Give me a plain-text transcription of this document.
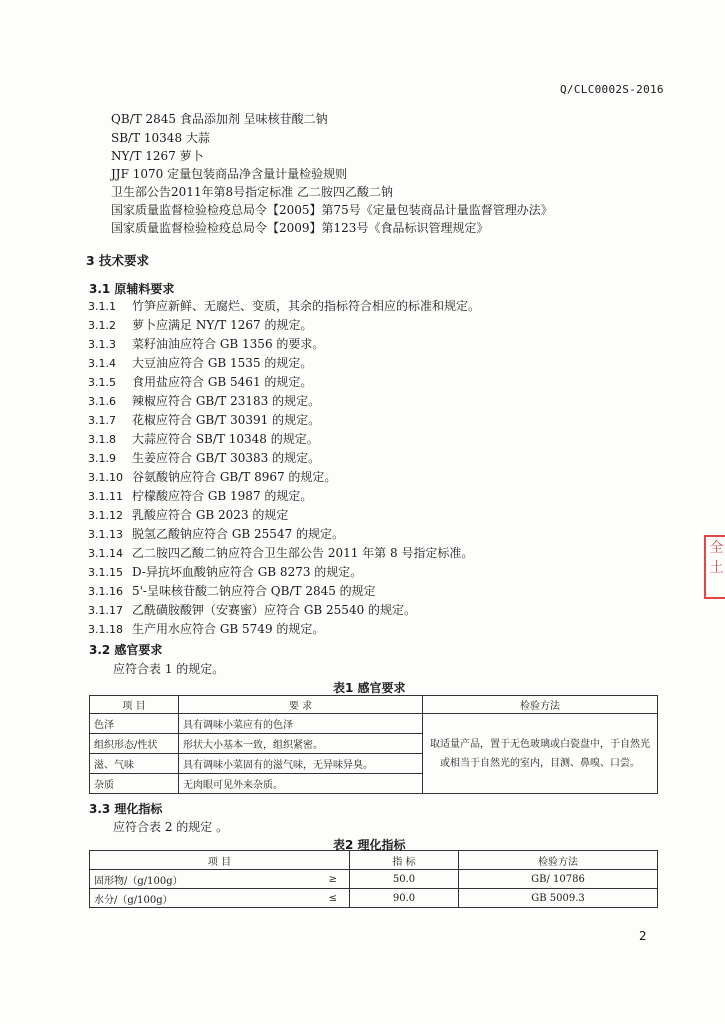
Q/CLC0002S-2016
QB/T 2845 食品添加剂 呈味核苷酸二钠
SB/T 10348 大蒜
NY/T 1267 萝卜
JJF 1070 定量包装商品净含量计量检验规则
卫生部公告2011年第8号指定标准 乙二胺四乙酸二钠
国家质量监督检验检疫总局令【2005】第75号《定量包装商品计量监督管理办法》
国家质量监督检验检疫总局令【2009】第123号《食品标识管理规定》
3 技术要求
3.1 原辅料要求
3.1.1 竹笋应新鲜、无腐烂、变质，其余的指标符合相应的标准和规定。
3.1.2 萝卜应满足 NY/T 1267 的规定。
3.1.3 菜籽油油应符合 GB 1356 的要求。
3.1.4 大豆油应符合 GB 1535 的规定。
3.1.5 食用盐应符合 GB 5461 的规定。
3.1.6 辣椒应符合 GB/T 23183 的规定。
3.1.7 花椒应符合 GB/T 30391 的规定。
3.1.8 大蒜应符合 SB/T 10348 的规定。
3.1.9 生姜应符合 GB/T 30383 的规定。
3.1.10 谷氨酸钠应符合 GB/T 8967 的规定。
3.1.11 柠檬酸应符合 GB 1987 的规定。
3.1.12 乳酸应符合 GB 2023 的规定
3.1.13 脱氢乙酸钠应符合 GB 25547 的规定。
3.1.14 乙二胺四乙酸二钠应符合卫生部公告 2011 年第 8 号指定标准。
3.1.15 D-异抗坏血酸钠应符合 GB 8273 的规定。
3.1.16 5'-呈味核苷酸二钠应符合 QB/T 2845 的规定
3.1.17 乙酰磺胺酸钾（安赛蜜）应符合 GB 25540 的规定。
3.1.18 生产用水应符合 GB 5749 的规定。
3.2 感官要求
应符合表 1 的规定。
表1 感官要求
项 目	要 求	检验方法
色泽	具有调味小菜应有的色泽	取适量产品，置于无色玻璃或白瓷盘中，于自然光或相当于自然光的室内，目测、鼻嗅、口尝。
组织形态/性状	形状大小基本一致，组织紧密。	
滋、气味	具有调味小菜固有的滋气味，无异味异臭。	
杂质	无肉眼可见外来杂质。	
3.3 理化指标
应符合表 2 的规定 。
表2 理化指标
项 目		指 标	检验方法
固形物/（g/100g）	≥	50.0	GB/ 10786
水分/（g/100g）	≤	90.0	GB 5009.3
2
全
土
